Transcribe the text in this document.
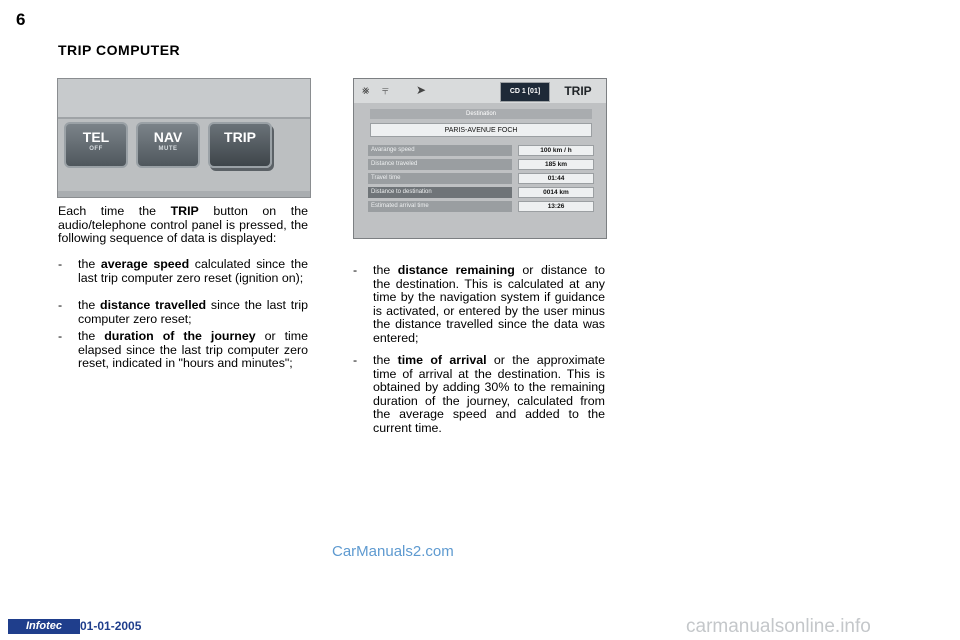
6
TRIP COMPUTER
TEL
OFF
NAV
MUTE
TRIP
⨳ ⫧ ➤	CD 1 [01]	TRIP
Destination
PARIS-AVENUE FOCH
Avarange speed	100 km / h
Distance traveled	185 km
Travel time	01:44
Distance to destination	0014 km
Estimated arrival time	13:26
Each time the TRIP button on the audio/telephone control panel is pressed, the following sequence of data is displayed:
- the average speed calculated since the last trip computer zero reset (ignition on);
- the distance travelled since the last trip computer zero reset;
- the duration of the journey or time elapsed since the last trip computer zero reset, indicated in "hours and minutes";
- the distance remaining or distance to the destination. This is calculated at any time by the navigation system if guidance is activated, or entered by the user minus the distance travelled since the data was entered;
- the time of arrival or the approximate time of arrival at the destination. This is obtained by adding 30% to the remaining duration of the journey, calculated from the average speed and added to the current time.
CarManuals2.com
Infotec	01-01-2005	carmanualsonline.info
